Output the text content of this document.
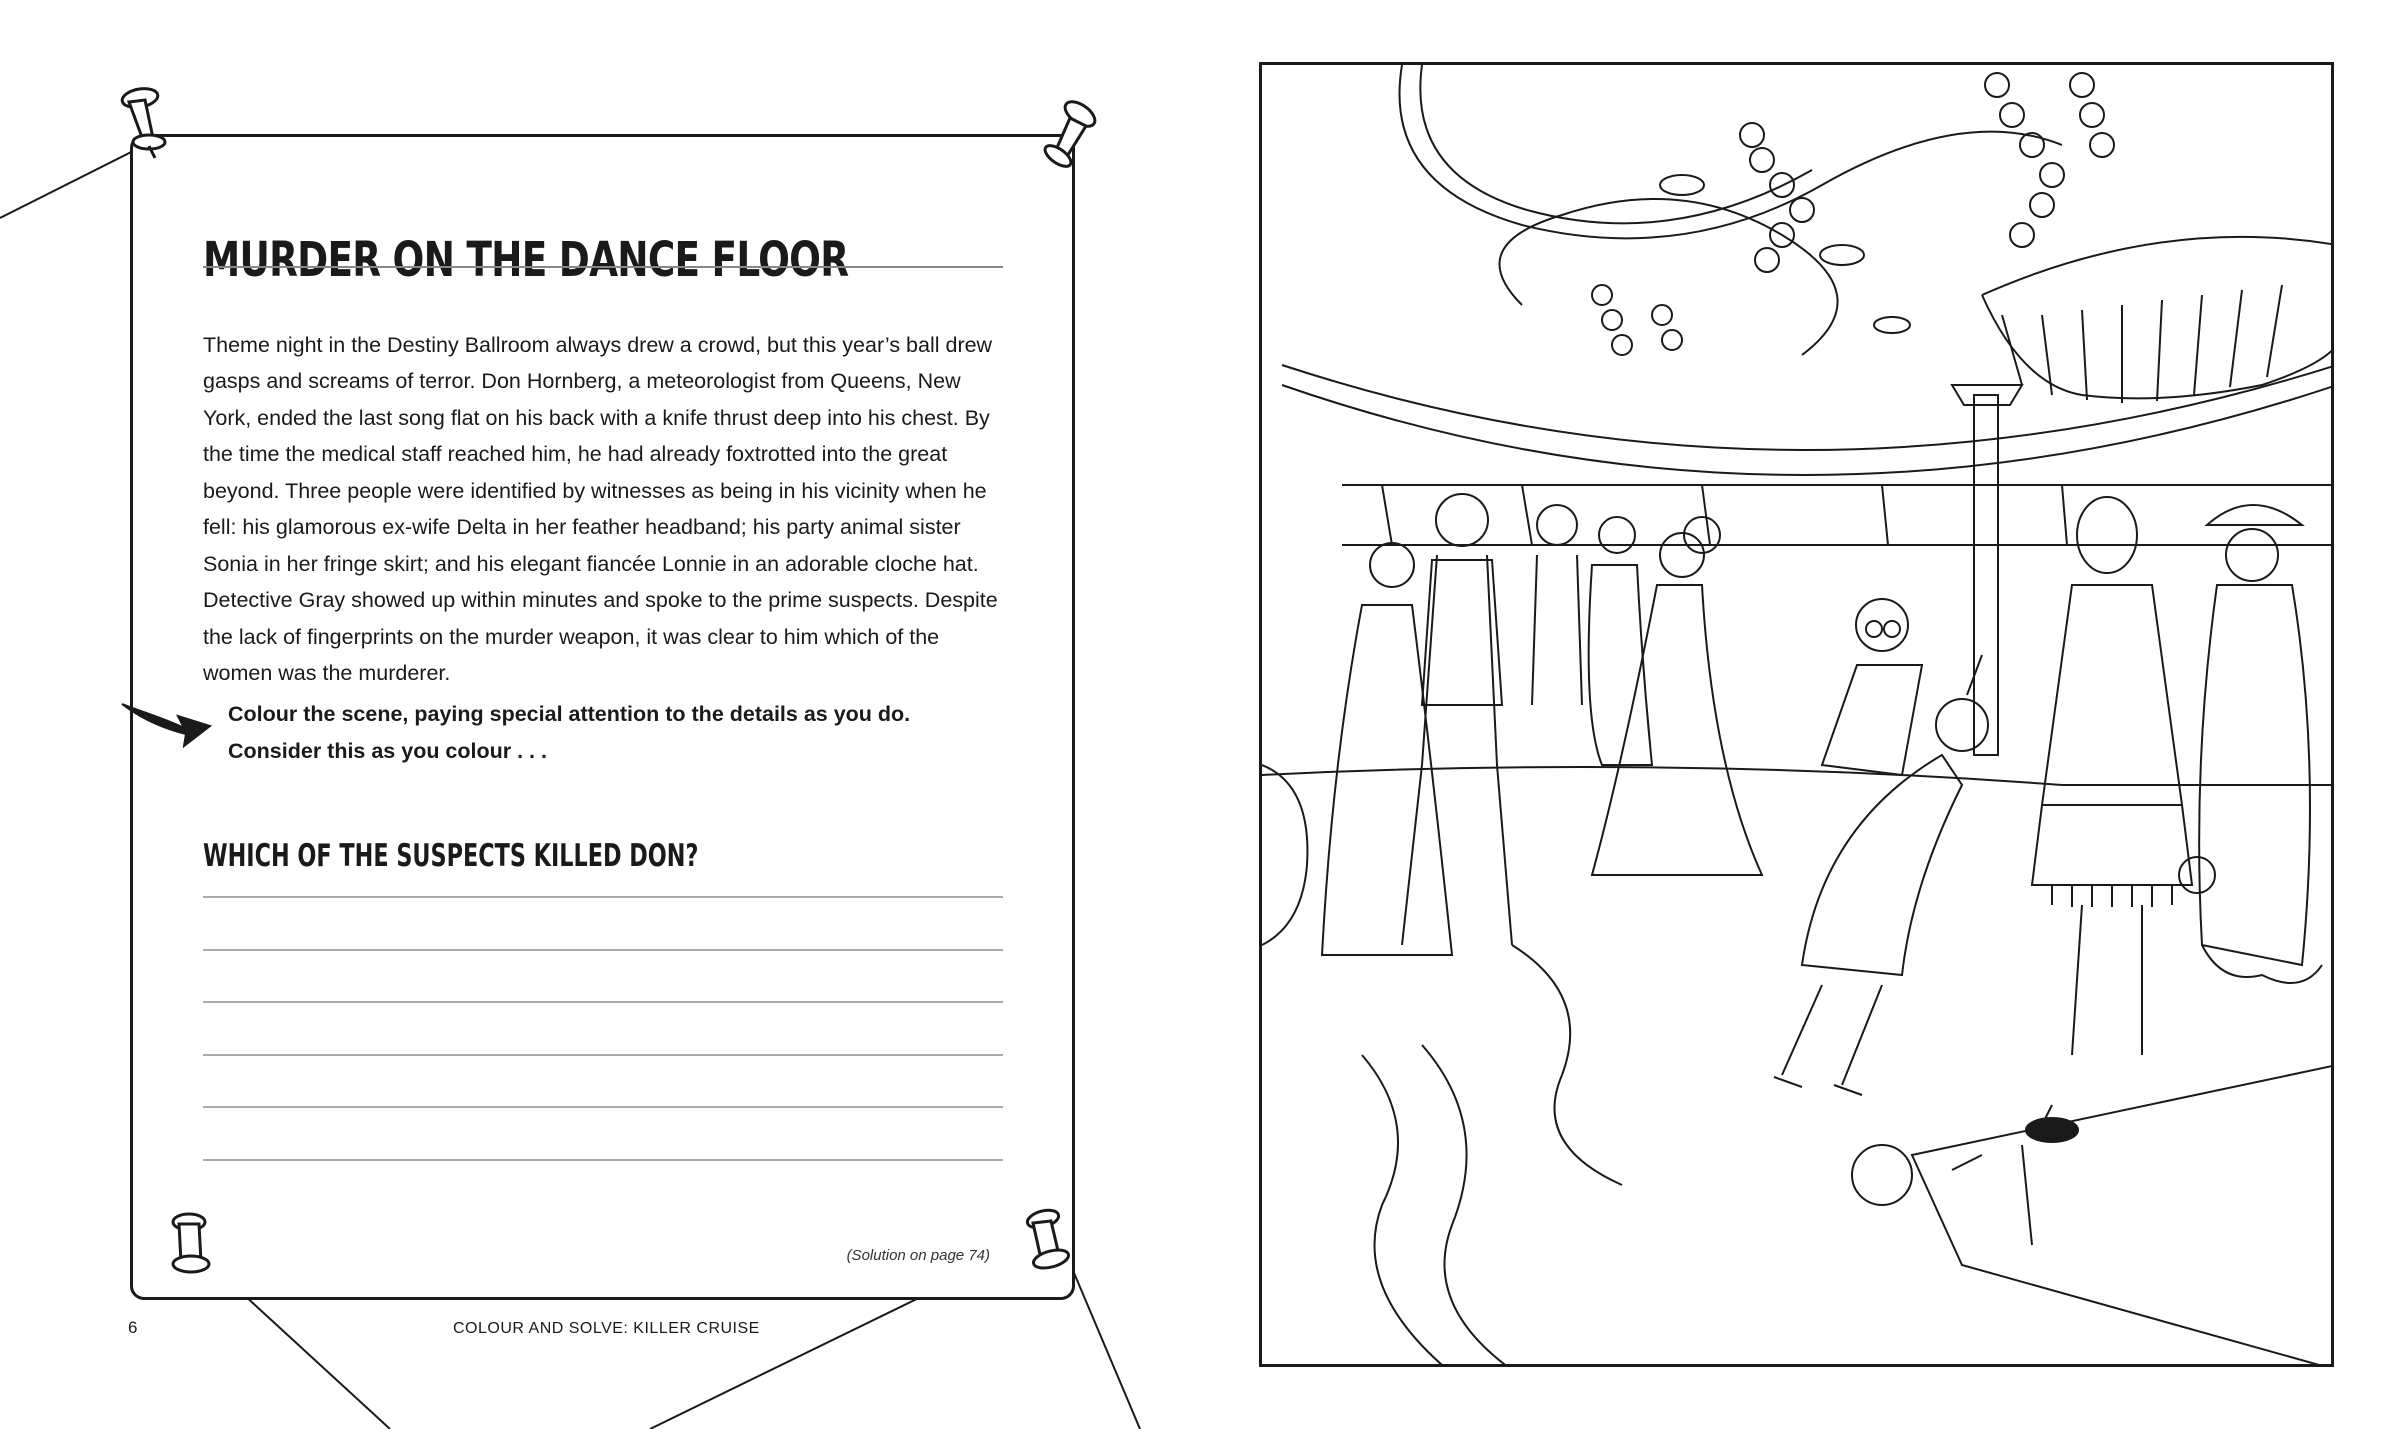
MURDER ON THE DANCE FLOOR

Theme night in the Destiny Ballroom always drew a crowd, but this year’s ball drew gasps and screams of terror. Don Hornberg, a meteorologist from Queens, New York, ended the last song flat on his back with a knife thrust deep into his chest. By the time the medical staff reached him, he had already foxtrotted into the great beyond. Three people were identified by witnesses as being in his vicinity when he fell: his glamorous ex-wife Delta in her feather headband; his party animal sister Sonia in her fringe skirt; and his elegant fiancée Lonnie in an adorable cloche hat. Detective Gray showed up within minutes and spoke to the prime suspects. Despite the lack of fingerprints on the murder weapon, it was clear to him which of the women was the murderer.

Colour the scene, paying special attention to the details as you do.
Consider this as you colour . . .
WHICH OF THE SUSPECTS KILLED DON?
(Solution on page 74)
6	COLOUR AND SOLVE: KILLER CRUISE
